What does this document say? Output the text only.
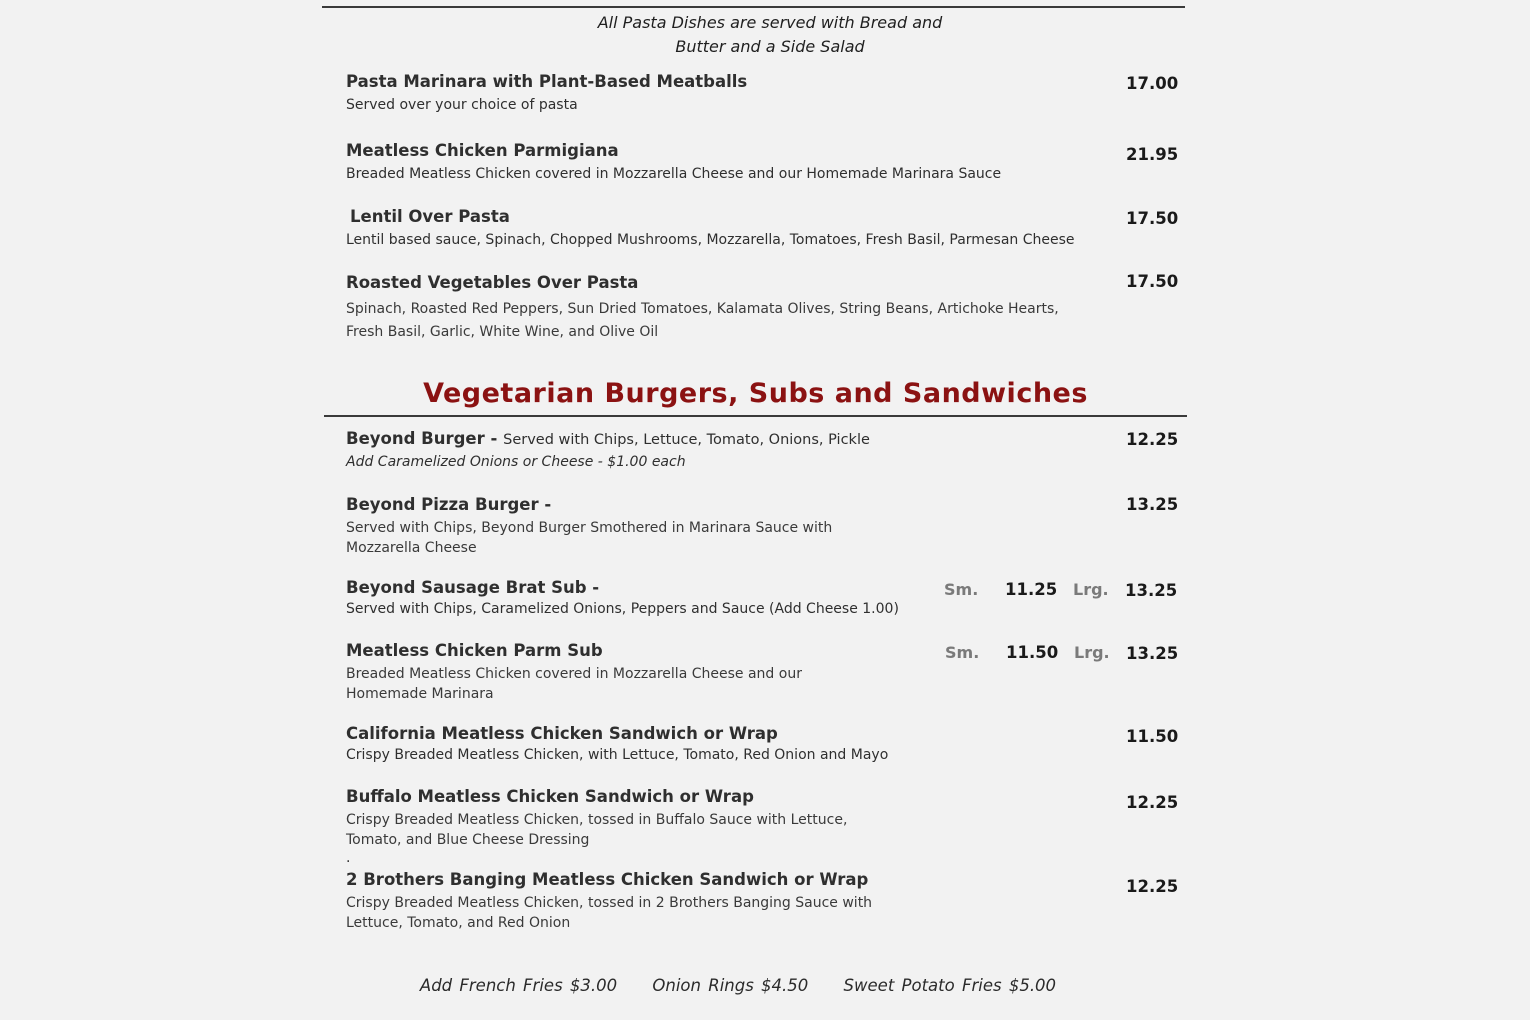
All Pasta Dishes are served with Bread and
Butter and a Side Salad
Pasta Marinara with Plant-Based Meatballs
Served over your choice of pasta
17.00
Meatless Chicken Parmigiana
Breaded Meatless Chicken covered in Mozzarella Cheese and our Homemade Marinara Sauce
21.95
Lentil Over Pasta
Lentil based sauce, Spinach, Chopped Mushrooms, Mozzarella, Tomatoes, Fresh Basil, Parmesan Cheese
17.50
Roasted Vegetables Over Pasta
Spinach, Roasted Red Peppers, Sun Dried Tomatoes, Kalamata Olives, String Beans, Artichoke Hearts, Fresh Basil, Garlic, White Wine, and Olive Oil
17.50
Vegetarian Burgers, Subs and Sandwiches
Beyond Burger - Served with Chips, Lettuce, Tomato, Onions, Pickle
Add Caramelized Onions or Cheese - $1.00 each
12.25
Beyond Pizza Burger -
Served with Chips, Beyond Burger Smothered in Marinara Sauce with Mozzarella Cheese
13.25
Beyond Sausage Brat Sub -
Served with Chips, Caramelized Onions, Peppers and Sauce (Add Cheese 1.00)
Sm. 11.25 Lrg. 13.25
Meatless Chicken Parm Sub
Breaded Meatless Chicken covered in Mozzarella Cheese and our Homemade Marinara
Sm. 11.50 Lrg. 13.25
California Meatless Chicken Sandwich or Wrap
Crispy Breaded Meatless Chicken, with Lettuce, Tomato, Red Onion and Mayo
11.50
Buffalo Meatless Chicken Sandwich or Wrap
Crispy Breaded Meatless Chicken, tossed in Buffalo Sauce with Lettuce, Tomato, and Blue Cheese Dressing
.
12.25
2 Brothers Banging Meatless Chicken Sandwich or Wrap
Crispy Breaded Meatless Chicken, tossed in 2 Brothers Banging Sauce with Lettuce, Tomato, and Red Onion
12.25
Add French Fries $3.00 Onion Rings $4.50 Sweet Potato Fries $5.00
